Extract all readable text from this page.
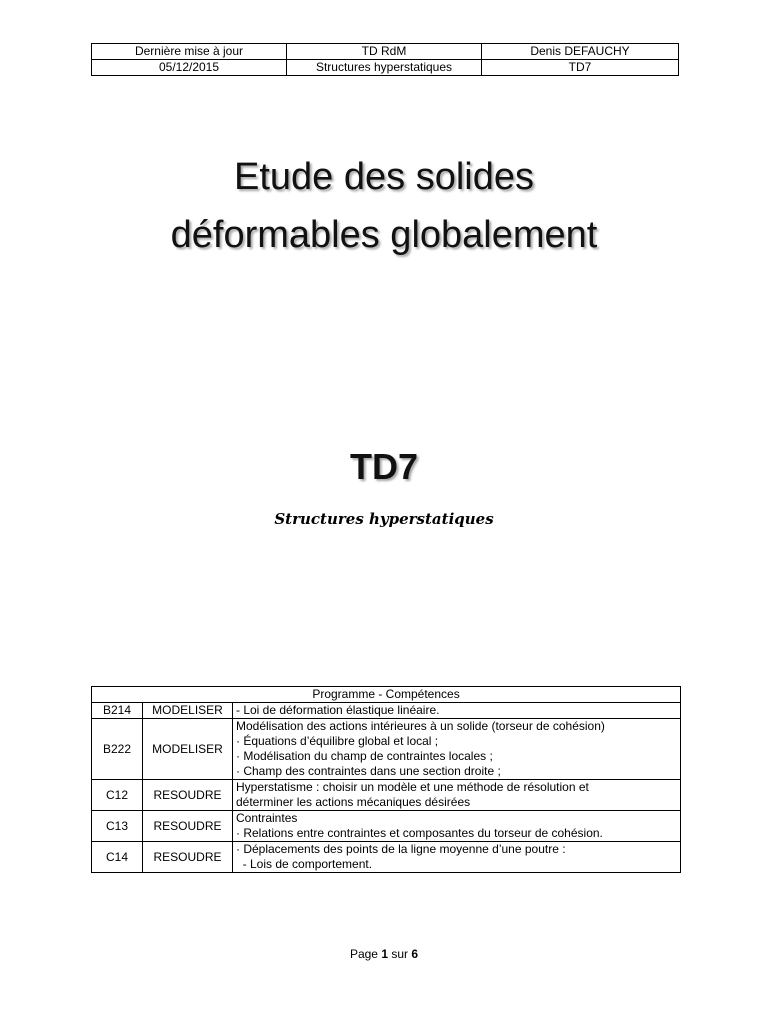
Dernière mise à jour	TD RdM	Denis DEFAUCHY
05/12/2015	Structures hyperstatiques	TD7
Etude des solides
déformables globalement
TD7
Structures hyperstatiques
Programme - Compétences		
B214	MODELISER	- Loi de déformation élastique linéaire.

B222	MODELISER	Modélisation des actions intérieures à un solide (torseur de cohésion)
· Équations d’équilibre global et local ;
· Modélisation du champ de contraintes locales ;
· Champ des contraintes dans une section droite ;

C12	RESOUDRE	Hyperstatisme : choisir un modèle et une méthode de résolution et
déterminer les actions mécaniques désirées

C13	RESOUDRE	Contraintes
· Relations entre contraintes et composantes du torseur de cohésion.

C14	RESOUDRE	· Déplacements des points de la ligne moyenne d’une poutre :
- Lois de comportement.
Page 1 sur 6
